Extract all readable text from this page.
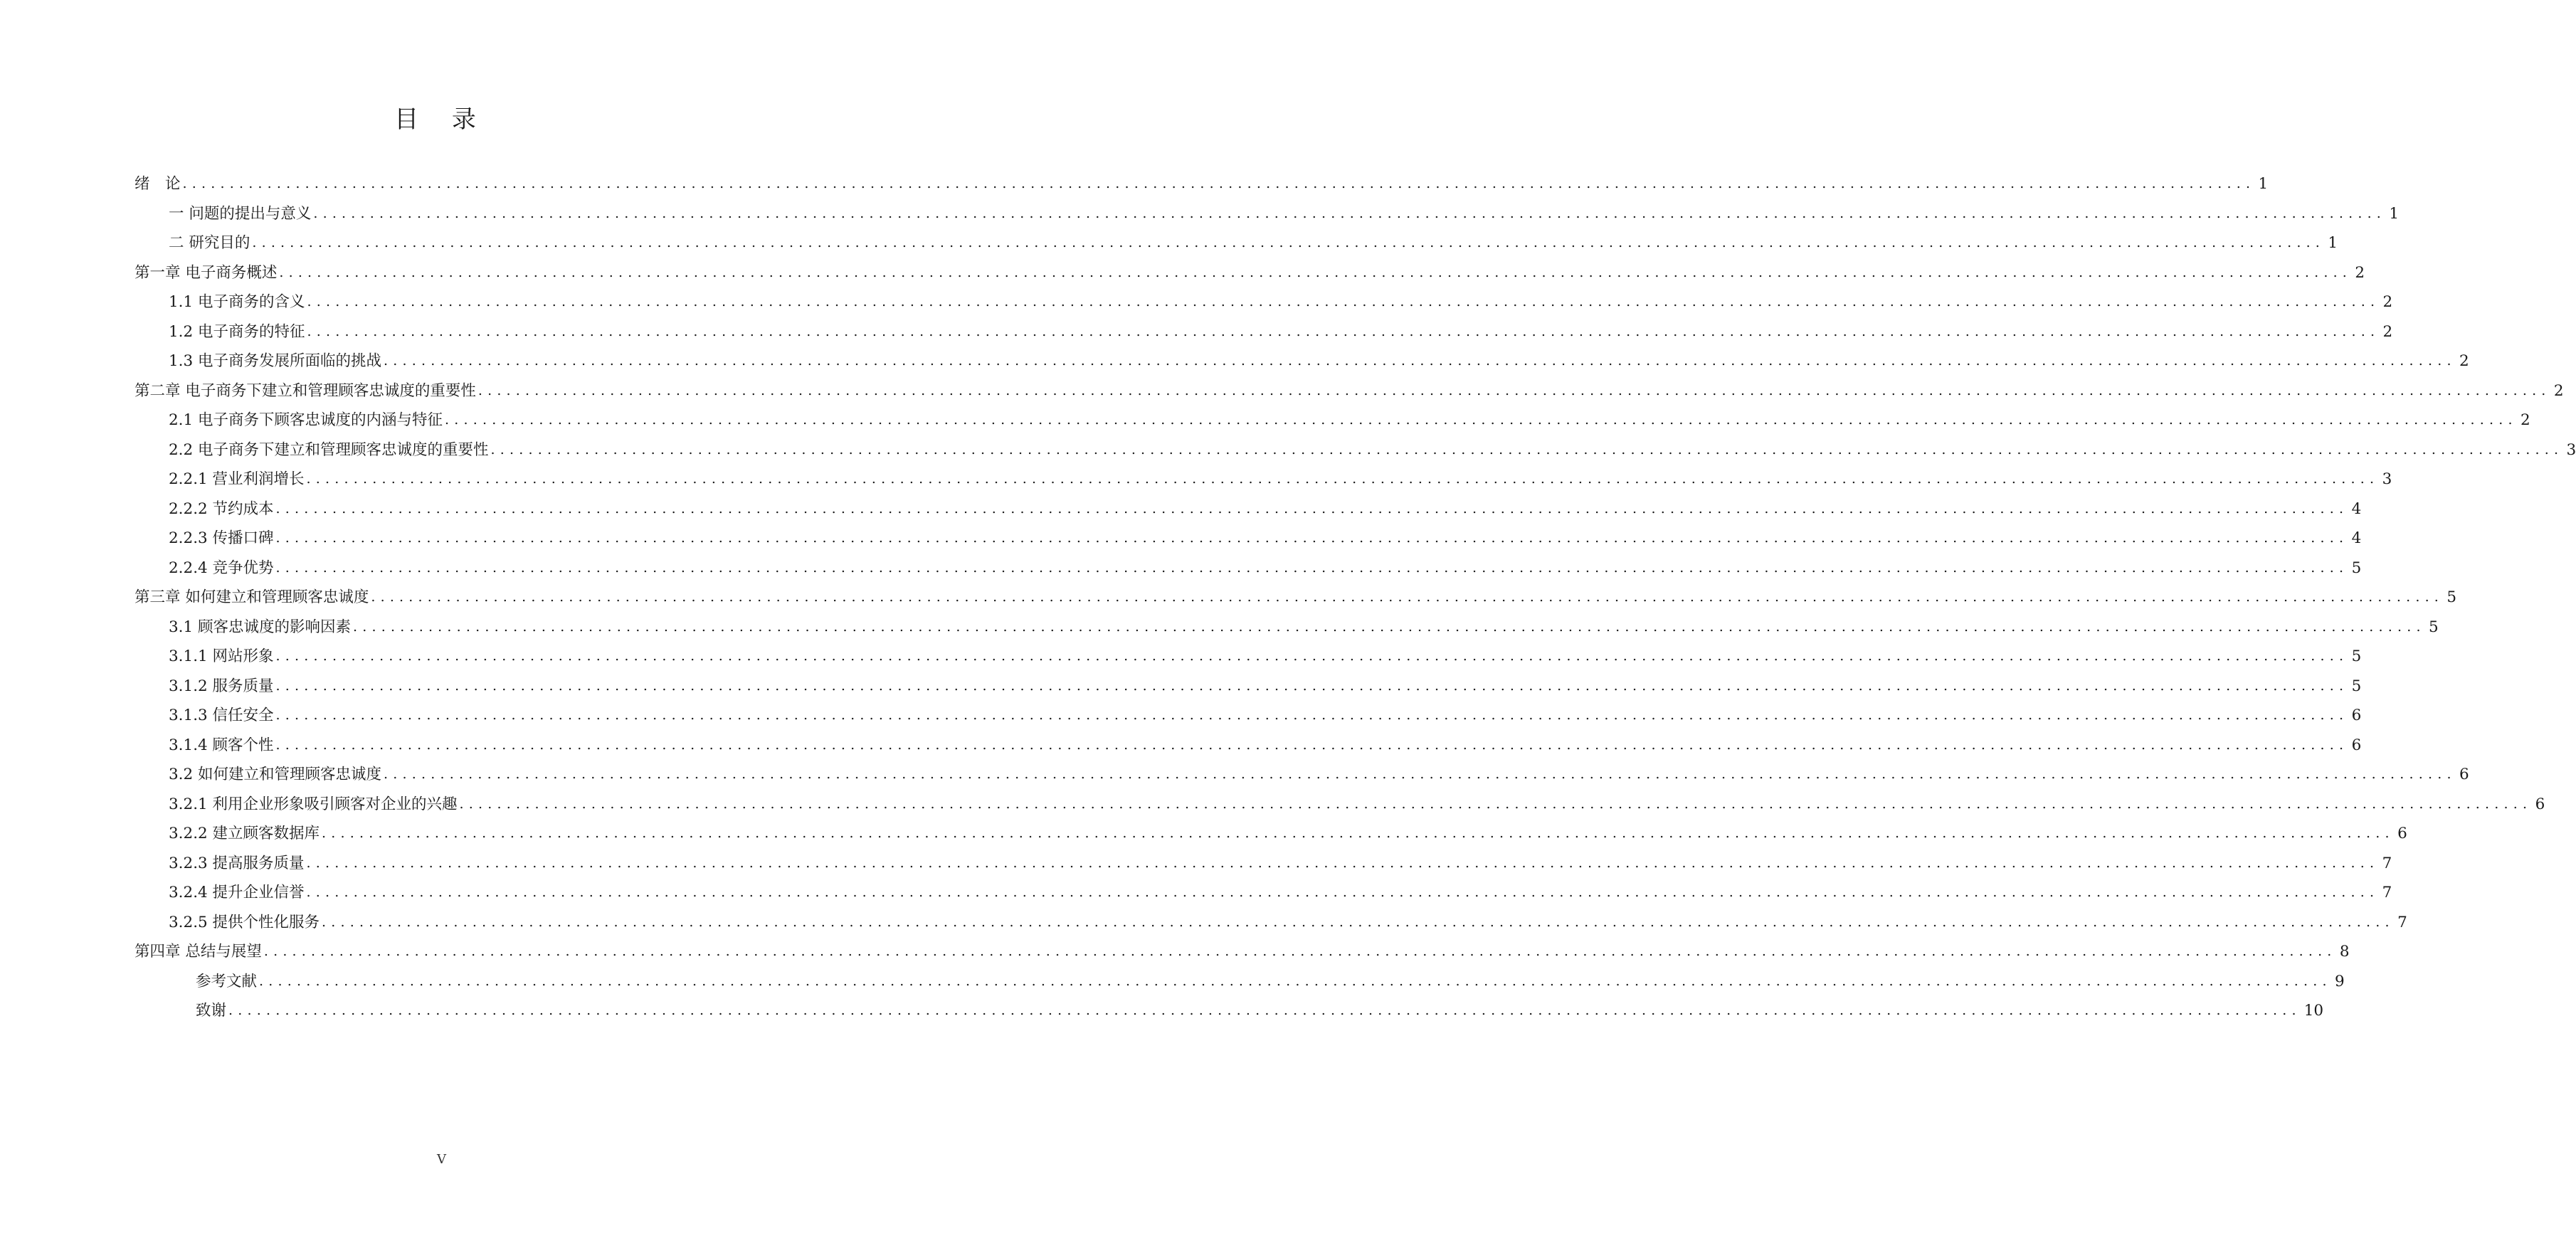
目 录
绪　论 ............................................................................................................................................................................................................................ 1
一 问题的提出与意义 ............................................................................................................................................................................................................................ 1
二 研究目的 ............................................................................................................................................................................................................................ 1
第一章 电子商务概述 ............................................................................................................................................................................................................................ 2
1.1 电子商务的含义 ............................................................................................................................................................................................................................ 2
1.2 电子商务的特征 ............................................................................................................................................................................................................................ 2
1.3 电子商务发展所面临的挑战 ............................................................................................................................................................................................................................ 2
第二章 电子商务下建立和管理顾客忠诚度的重要性 ............................................................................................................................................................................................................................ 2
2.1 电子商务下顾客忠诚度的内涵与特征 ............................................................................................................................................................................................................................ 2
2.2 电子商务下建立和管理顾客忠诚度的重要性 ............................................................................................................................................................................................................................ 3
2.2.1 营业利润增长 ............................................................................................................................................................................................................................ 3
2.2.2 节约成本 ............................................................................................................................................................................................................................ 4
2.2.3 传播口碑 ............................................................................................................................................................................................................................ 4
2.2.4 竞争优势 ............................................................................................................................................................................................................................ 5
第三章 如何建立和管理顾客忠诚度 ............................................................................................................................................................................................................................ 5
3.1 顾客忠诚度的影响因素 ............................................................................................................................................................................................................................ 5
3.1.1 网站形象 ............................................................................................................................................................................................................................ 5
3.1.2 服务质量 ............................................................................................................................................................................................................................ 5
3.1.3 信任安全 ............................................................................................................................................................................................................................ 6
3.1.4 顾客个性 ............................................................................................................................................................................................................................ 6
3.2 如何建立和管理顾客忠诚度 ............................................................................................................................................................................................................................ 6
3.2.1 利用企业形象吸引顾客对企业的兴趣 ............................................................................................................................................................................................................................ 6
3.2.2 建立顾客数据库 ............................................................................................................................................................................................................................ 6
3.2.3 提高服务质量 ............................................................................................................................................................................................................................ 7
3.2.4 提升企业信誉 ............................................................................................................................................................................................................................ 7
3.2.5 提供个性化服务 ............................................................................................................................................................................................................................ 7
第四章 总结与展望 ............................................................................................................................................................................................................................ 8
参考文献 ............................................................................................................................................................................................................................ 9
致谢 ............................................................................................................................................................................................................................ 10
V
